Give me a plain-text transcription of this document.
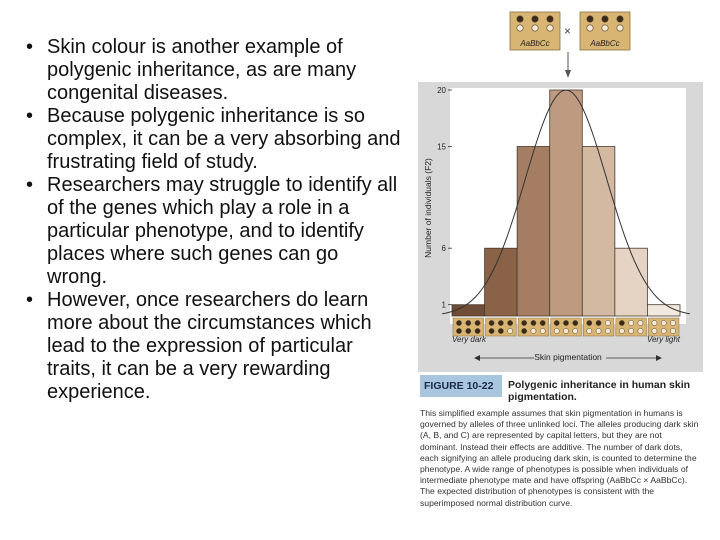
• Skin colour is another example of polygenic inheritance, as are many congenital diseases.
• Because polygenic inheritance is so complex, it can be a very absorbing and frustrating field of study.
• Researchers may struggle to identify all of the genes which play a role in a particular phenotype, and to identify places where such genes can go wrong.
• However, once researchers do learn more about the circumstances which lead to the expression of particular traits, it can be a very rewarding experience.
AaBbCc
×
AaBbCc
1
6
15
20
Number of individuals (F2)
Very dark	Very light
Skin pigmentation
FIGURE 10-22	Polygenic inheritance in human skin pigmentation.
This simplified example assumes that skin pigmentation in humans is governed by alleles of three unlinked loci. The alleles producing dark skin (A, B, and C) are represented by capital letters, but they are not dominant. Instead their effects are additive. The number of dark dots, each signifying an allele producing dark skin, is counted to determine the phenotype. A wide range of phenotypes is possible when individuals of intermediate phenotype mate and have offspring (AaBbCc × AaBbCc). The expected distribution of phenotypes is consistent with the superimposed normal distribution curve.
